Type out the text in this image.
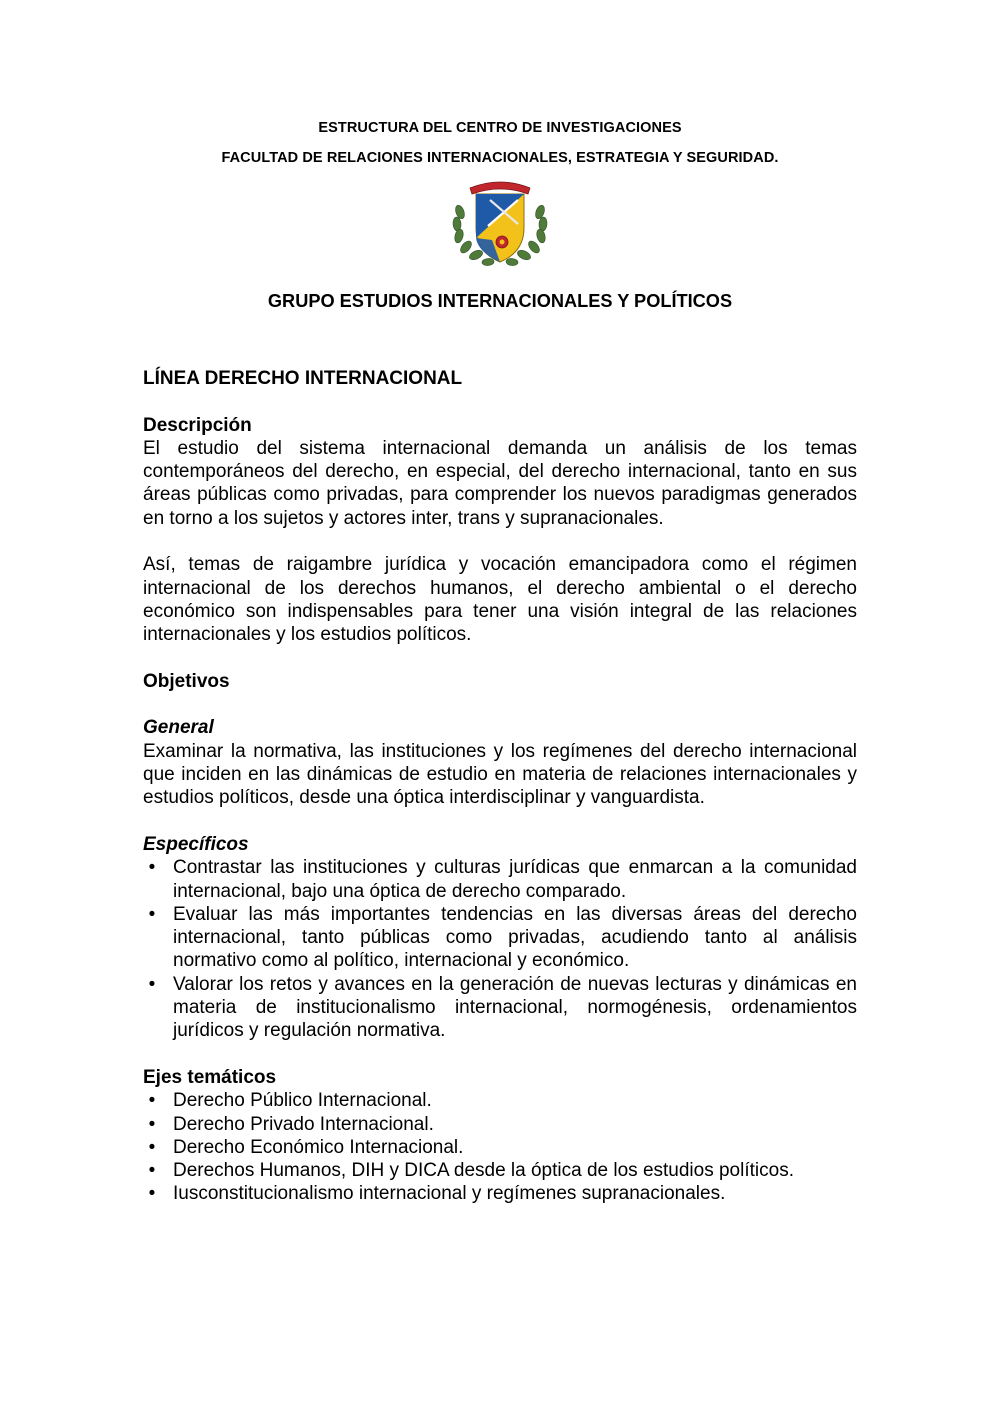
ESTRUCTURA DEL CENTRO DE INVESTIGACIONES
FACULTAD DE RELACIONES INTERNACIONALES, ESTRATEGIA Y SEGURIDAD.
GRUPO ESTUDIOS INTERNACIONALES Y POLÍTICOS

LÍNEA DERECHO INTERNACIONAL

Descripción

El estudio del sistema internacional demanda un análisis de los temas contemporáneos del derecho, en especial, del derecho internacional, tanto en sus áreas públicas como privadas, para comprender los nuevos paradigmas generados en torno a los sujetos y actores inter, trans y supranacionales.

Así, temas de raigambre jurídica y vocación emancipadora como el régimen internacional de los derechos humanos, el derecho ambiental o el derecho económico son indispensables para tener una visión integral de las relaciones internacionales y los estudios políticos.

Objetivos

General

Examinar la normativa, las instituciones y los regímenes del derecho internacional que inciden en las dinámicas de estudio en materia de relaciones internacionales y estudios políticos, desde una óptica interdisciplinar y vanguardista.

Específicos

• Contrastar las instituciones y culturas jurídicas que enmarcan a la comunidad internacional, bajo una óptica de derecho comparado.
• Evaluar las más importantes tendencias en las diversas áreas del derecho internacional, tanto públicas como privadas, acudiendo tanto al análisis normativo como al político, internacional y económico.
• Valorar los retos y avances en la generación de nuevas lecturas y dinámicas en materia de institucionalismo internacional, normogénesis, ordenamientos jurídicos y regulación normativa.

Ejes temáticos

• Derecho Público Internacional.
• Derecho Privado Internacional.
• Derecho Económico Internacional.
• Derechos Humanos, DIH y DICA desde la óptica de los estudios políticos.
• Iusconstitucionalismo internacional y regímenes supranacionales.
